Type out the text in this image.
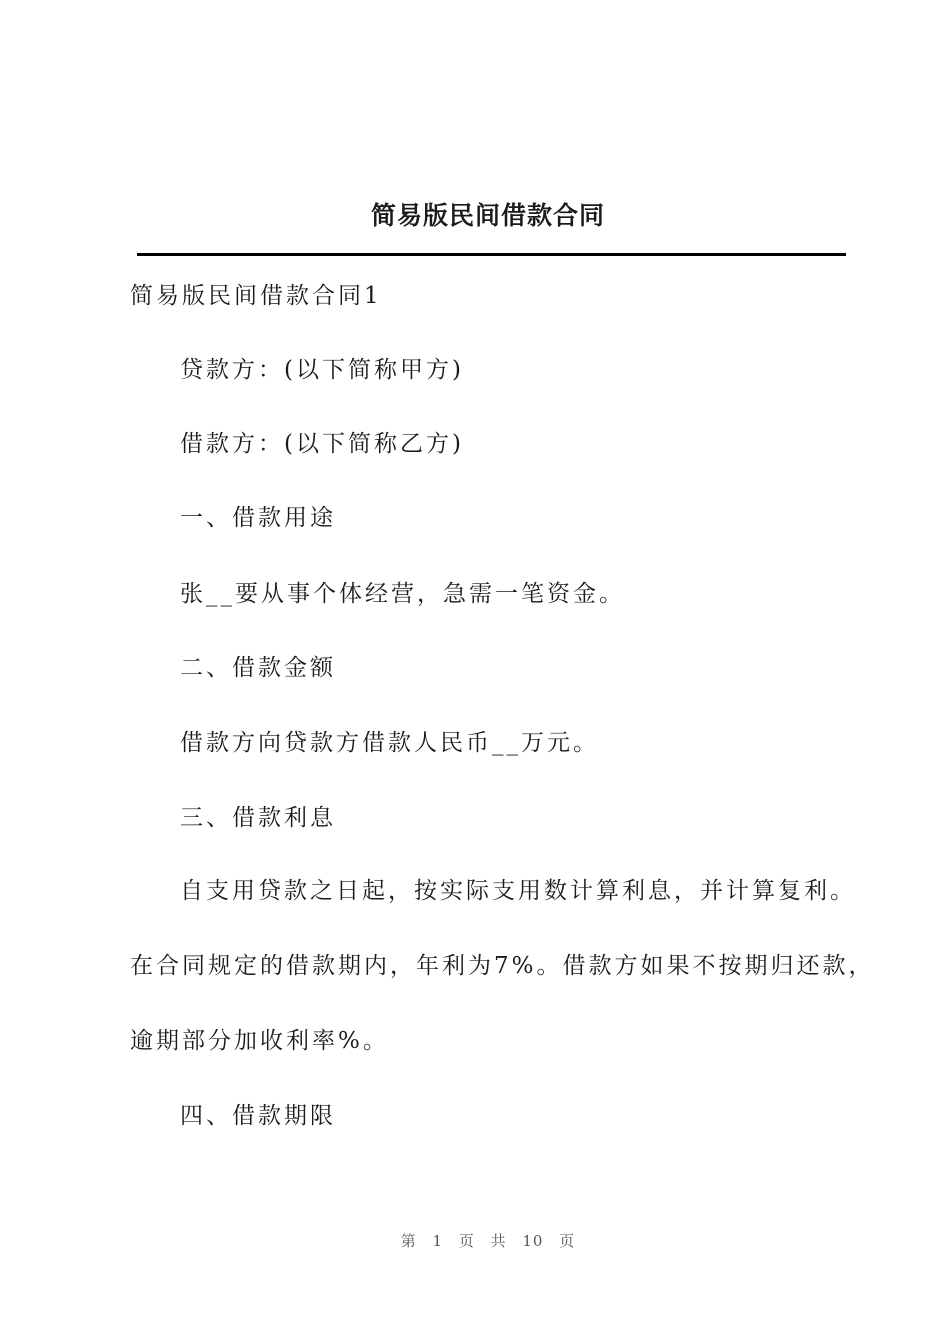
简易版民间借款合同
简易版民间借款合同1
贷款方：(以下简称甲方)
借款方：(以下简称乙方)
一、借款用途
张__要从事个体经营，急需一笔资金。
二、借款金额
借款方向贷款方借款人民币__万元。
三、借款利息
自支用贷款之日起，按实际支用数计算利息，并计算复利。
在合同规定的借款期内，年利为7%。借款方如果不按期归还款，
逾期部分加收利率%。
四、借款期限
第 1 页 共 10 页
